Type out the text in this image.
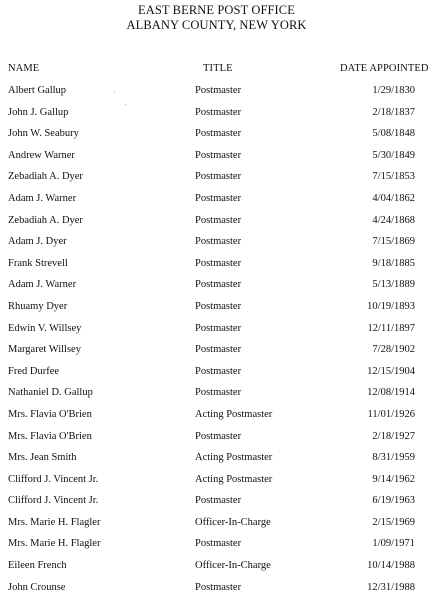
EAST BERNE POST OFFICE
ALBANY COUNTY, NEW YORK
NAME	TITLE	DATE APPOINTED
Albert Gallup	Postmaster	1/29/1830
John J. Gallup	Postmaster	2/18/1837
John W. Seabury	Postmaster	5/08/1848
Andrew Warner	Postmaster	5/30/1849
Zebadiah A. Dyer	Postmaster	7/15/1853
Adam J. Warner	Postmaster	4/04/1862
Zebadiah A. Dyer	Postmaster	4/24/1868
Adam J. Dyer	Postmaster	7/15/1869
Frank Strevell	Postmaster	9/18/1885
Adam J. Warner	Postmaster	5/13/1889
Rhuamy Dyer	Postmaster	10/19/1893
Edwin V. Willsey	Postmaster	12/11/1897
Margaret Willsey	Postmaster	7/28/1902
Fred Durfee	Postmaster	12/15/1904
Nathaniel D. Gallup	Postmaster	12/08/1914
Mrs. Flavia O'Brien	Acting Postmaster	11/01/1926
Mrs. Flavia O'Brien	Postmaster	2/18/1927
Mrs. Jean Smith	Acting Postmaster	8/31/1959
Clifford J. Vincent Jr.	Acting Postmaster	9/14/1962
Clifford J. Vincent Jr.	Postmaster	6/19/1963
Mrs. Marie H. Flagler	Officer-In-Charge	2/15/1969
Mrs. Marie H. Flagler	Postmaster	1/09/1971
Eileen French	Officer-In-Charge	10/14/1988
John Crounse	Postmaster	12/31/1988
